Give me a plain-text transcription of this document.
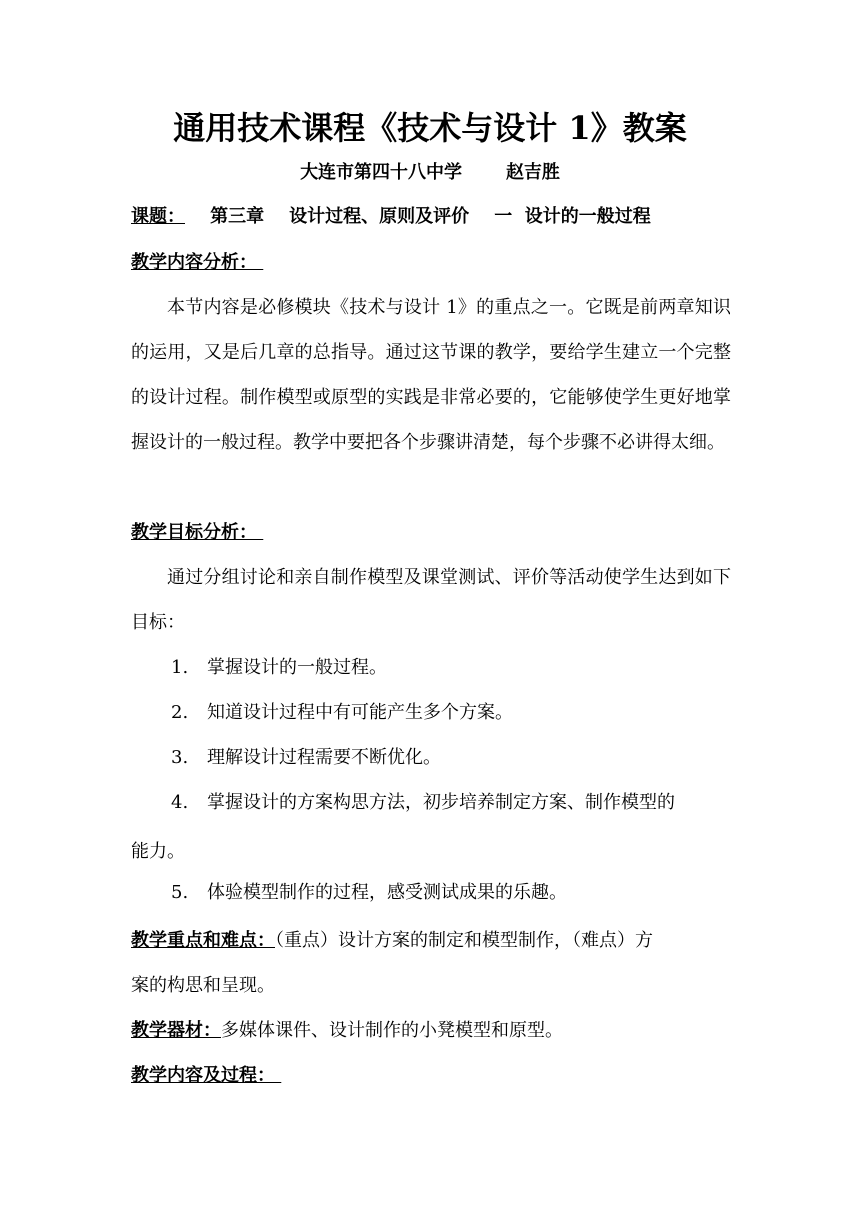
通用技术课程《技术与设计 1》教案
大连市第四十八中学 赵吉胜
课题：    第三章    设计过程、原则及评价    一  设计的一般过程
教学内容分析：

本节内容是必修模块《技术与设计 1》的重点之一。它既是前两章知识的运用，又是后几章的总指导。通过这节课的教学，要给学生建立一个完整的设计过程。制作模型或原型的实践是非常必要的，它能够使学生更好地掌握设计的一般过程。教学中要把各个步骤讲清楚，每个步骤不必讲得太细。

教学目标分析：

通过分组讨论和亲自制作模型及课堂测试、评价等活动使学生达到如下目标：

1. 掌握设计的一般过程。
2. 知道设计过程中有可能产生多个方案。
3. 理解设计过程需要不断优化。
4. 掌握设计的方案构思方法，初步培养制定方案、制作模型的
能力。
5. 体验模型制作的过程，感受测试成果的乐趣。
教学重点和难点：（重点）设计方案的制定和模型制作，（难点）方
案的构思和呈现。
教学器材：多媒体课件、设计制作的小凳模型和原型。
教学内容及过程：
